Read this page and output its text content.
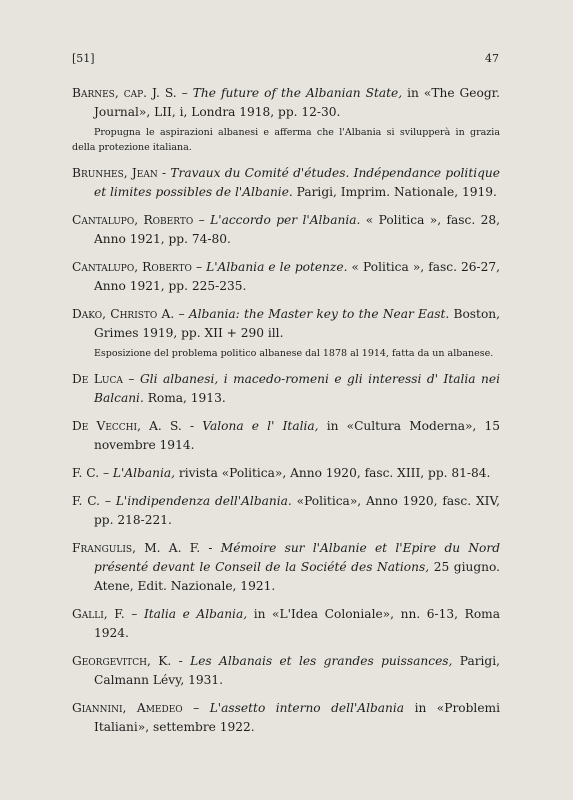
[51]	47

Barnes, cap. J. S. – The future of the Albanian State, in «The Geogr. Journal», LII, i, Londra 1918, pp. 12-30.

Propugna le aspirazioni albanesi e afferma che l'Albania si svilupperà in grazia della protezione italiana.

Brunhes, Jean - Travaux du Comité d'études. Indépendance politique et limites possibles de l'Albanie. Parigi, Imprim. Nationale, 1919.

Cantalupo, Roberto – L'accordo per l'Albania. « Politica », fasc. 28, Anno 1921, pp. 74-80.

Cantalupo, Roberto – L'Albania e le potenze. « Politica », fasc. 26-27, Anno 1921, pp. 225-235.

Dako, Christo A. – Albania: the Master key to the Near East. Boston, Grimes 1919, pp. XII + 290 ill.

Esposizione del problema politico albanese dal 1878 al 1914, fatta da un albanese.

De Luca – Gli albanesi, i macedo-romeni e gli interessi d' Italia nei Balcani. Roma, 1913.

De Vecchi, A. S. - Valona e l' Italia, in «Cultura Moderna», 15 novembre 1914.

F. C. – L'Albania, rivista «Politica», Anno 1920, fasc. XIII, pp. 81-84.

F. C. – L'indipendenza dell'Albania. «Politica», Anno 1920, fasc. XIV, pp. 218-221.

Frangulis, M. A. F. - Mémoire sur l'Albanie et l'Epire du Nord présenté devant le Conseil de la Société des Nations, 25 giugno. Atene, Edit. Nazionale, 1921.

Galli, F. – Italia e Albania, in «L'Idea Coloniale», nn. 6-13, Roma 1924.

Georgevitch, K. - Les Albanais et les grandes puissances, Parigi, Calmann Lévy, 1931.

Giannini, Amedeo – L'assetto interno dell'Albania in «Problemi Italiani», settembre 1922.
